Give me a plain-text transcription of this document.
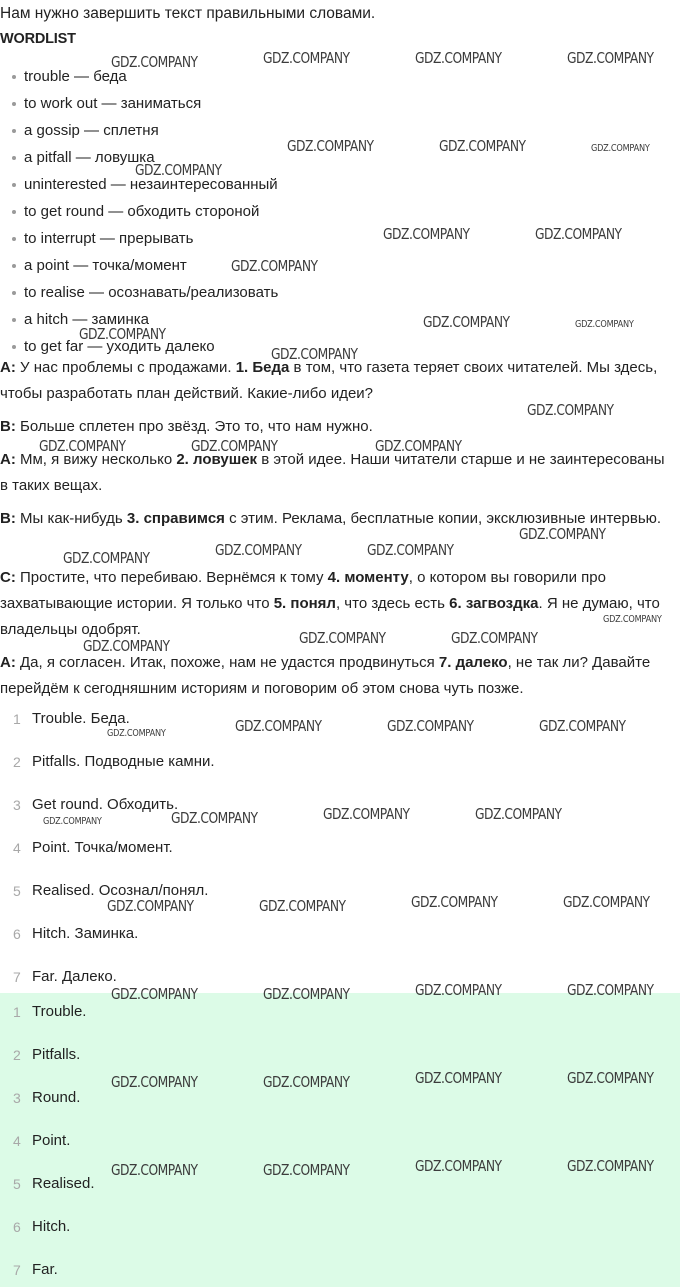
Нам нужно завершить текст правильными словами.
WORDLIST
trouble — беда
to work out — заниматься
a gossip — сплетня
a pitfall — ловушка
uninterested — незаинтересованный
to get round — обходить стороной
to interrupt — прерывать
a point — точка/момент
to realise — осознавать/реализовать
a hitch — заминка
to get far — уходить далеко
A: У нас проблемы с продажами. 1. Беда в том, что газета теряет своих читателей. Мы здесь, чтобы разработать план действий. Какие-либо идеи?
B: Больше сплетен про звёзд. Это то, что нам нужно.
A: Мм, я вижу несколько 2. ловушек в этой идее. Наши читатели старше и не заинтересованы в таких вещах.
B: Мы как-нибудь 3. справимся с этим. Реклама, бесплатные копии, эксклюзивные интервью.
C: Простите, что перебиваю. Вернёмся к тому 4. моменту, о котором вы говорили про захватывающие истории. Я только что 5. понял, что здесь есть 6. загвоздка. Я не думаю, что владельцы одобрят.
A: Да, я согласен. Итак, похоже, нам не удастся продвинуться 7. далеко, не так ли? Давайте перейдём к сегодняшним историям и поговорим об этом снова чуть позже.
1 Trouble. Беда.
2 Pitfalls. Подводные камни.
3 Get round. Обходить.
4 Point. Точка/момент.
5 Realised. Осознал/понял.
6 Hitch. Заминка.
7 Far. Далеко.
1 Trouble.
2 Pitfalls.
3 Round.
4 Point.
5 Realised.
6 Hitch.
7 Far.
GDZ.COMPANY	GDZ.COMPANY	GDZ.COMPANY	GDZ.COMPANY
GDZ.COMPANY	GDZ.COMPANY	GDZ.COMPANY
GDZ.COMPANY
GDZ.COMPANY	GDZ.COMPANY
GDZ.COMPANY
GDZ.COMPANY	GDZ.COMPANY
GDZ.COMPANY
GDZ.COMPANY
GDZ.COMPANY
GDZ.COMPANY	GDZ.COMPANY	GDZ.COMPANY
GDZ.COMPANY
GDZ.COMPANY	GDZ.COMPANY	GDZ.COMPANY
GDZ.COMPANY
GDZ.COMPANY	GDZ.COMPANY
GDZ.COMPANY
GDZ.COMPANY	GDZ.COMPANY	GDZ.COMPANY	GDZ.COMPANY
GDZ.COMPANY	GDZ.COMPANY
GDZ.COMPANY
GDZ.COMPANY
GDZ.COMPANY	GDZ.COMPANY	GDZ.COMPANY	GDZ.COMPANY
GDZ.COMPANY	GDZ.COMPANY	GDZ.COMPANY	GDZ.COMPANY
GDZ.COMPANY	GDZ.COMPANY	GDZ.COMPANY	GDZ.COMPANY
GDZ.COMPANY	GDZ.COMPANY	GDZ.COMPANY	GDZ.COMPANY
